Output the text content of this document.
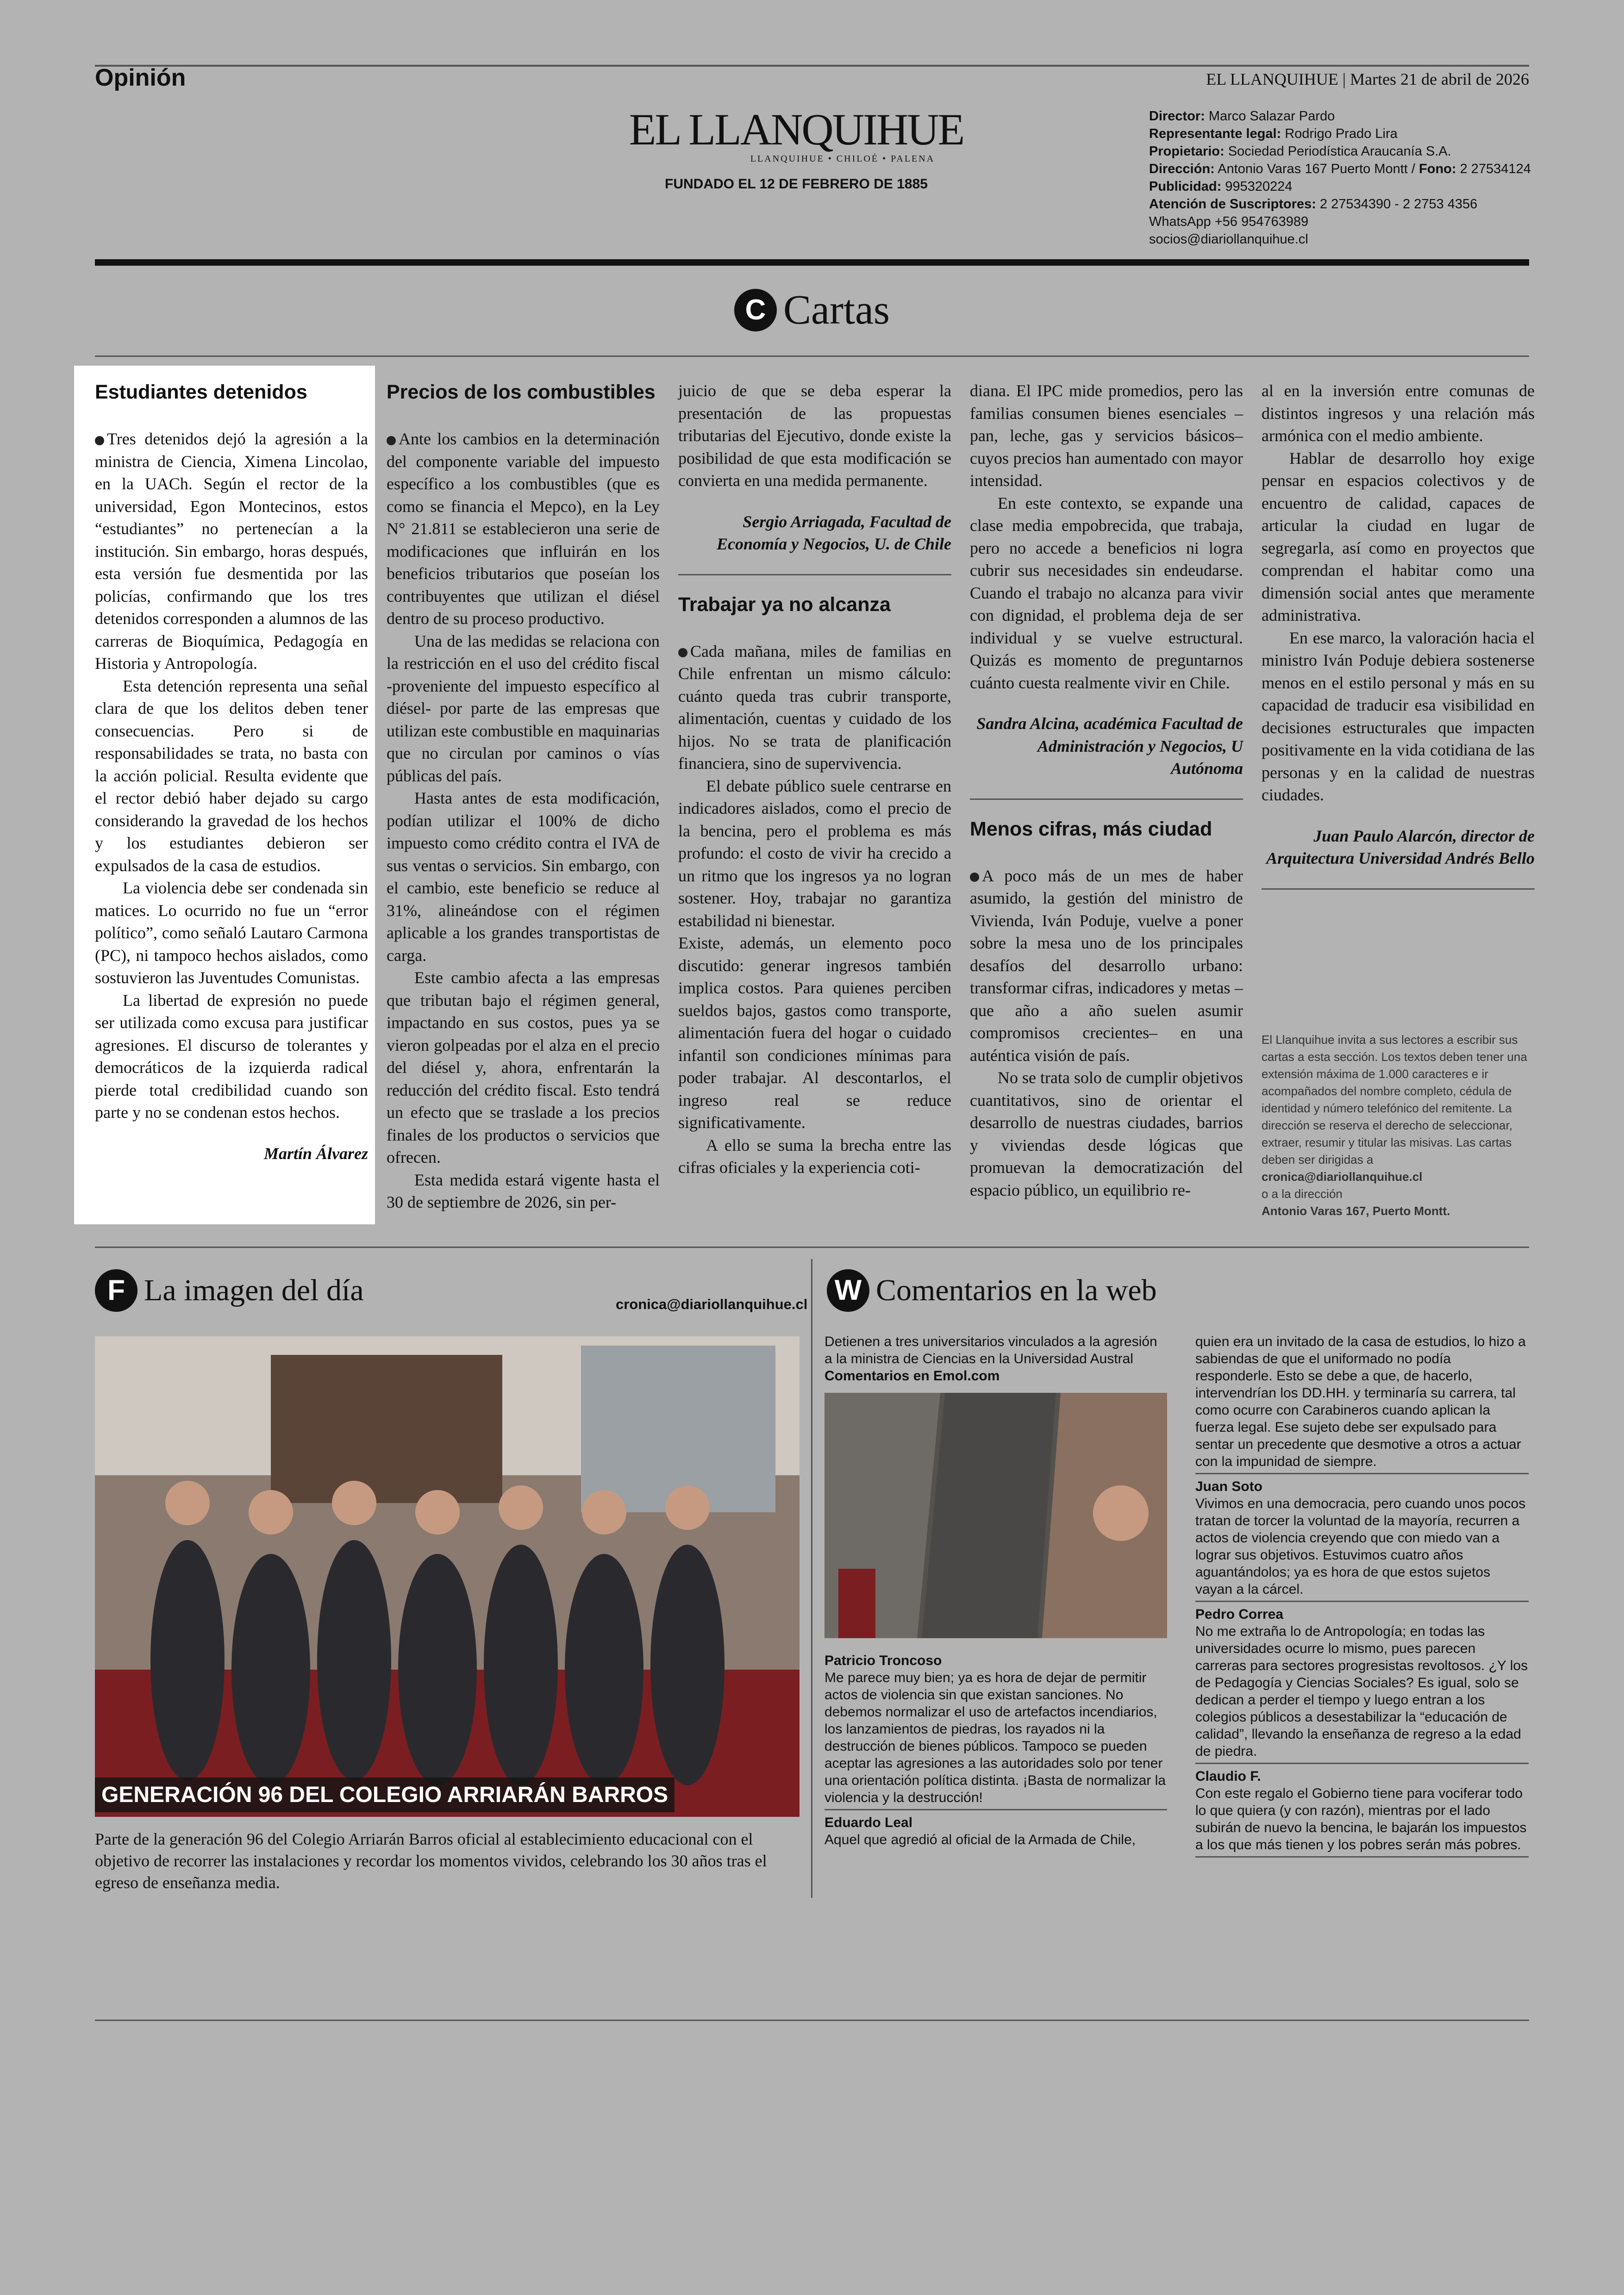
Opinión	EL LLANQUIHUE | Martes 21 de abril de 2026
EL LLANQUIHUE
LLANQUIHUE • CHILOÉ • PALENA
FUNDADO EL 12 DE FEBRERO DE 1885
Director: Marco Salazar Pardo
Representante legal: Rodrigo Prado Lira
Propietario: Sociedad Periodística Araucanía S.A.
Dirección: Antonio Varas 167 Puerto Montt / Fono: 2 27534124
Publicidad: 995320224
Atención de Suscriptores: 2 27534390 - 2 2753 4356
WhatsApp +56 954763989
socios@diariollanquihue.cl
C Cartas
Estudiantes detenidos

Tres detenidos dejó la agresión a la ministra de Ciencia, Ximena Lincolao, en la UACh. Según el rector de la universidad, Egon Montecinos, estos “estudiantes” no pertenecían a la institución. Sin embargo, horas después, esta versión fue desmentida por las policías, confirmando que los tres detenidos corresponden a alumnos de las carreras de Bioquímica, Pedagogía en Historia y Antropología.

Esta detención representa una señal clara de que los delitos deben tener consecuencias. Pero si de responsabilidades se trata, no basta con la acción policial. Resulta evidente que el rector debió haber dejado su cargo considerando la gravedad de los hechos y los estudiantes debieron ser expulsados de la casa de estudios.

La violencia debe ser condenada sin matices. Lo ocurrido no fue un “error político”, como señaló Lautaro Carmona (PC), ni tampoco hechos aislados, como sostuvieron las Juventudes Comunistas.

La libertad de expresión no puede ser utilizada como excusa para justificar agresiones. El discurso de tolerantes y democráticos de la izquierda radical pierde total credibilidad cuando son parte y no se condenan estos hechos.

Martín Álvarez

Precios de los combustibles

Ante los cambios en la determinación del componente variable del impuesto específico a los combustibles (que es como se financia el Mepco), en la Ley N° 21.811 se establecieron una serie de modificaciones que influirán en los beneficios tributarios que poseían los contribuyentes que utilizan el diésel dentro de su proceso productivo.

Una de las medidas se relaciona con la restricción en el uso del crédito fiscal -proveniente del impuesto específico al diésel- por parte de las empresas que utilizan este combustible en maquinarias que no circulan por caminos o vías públicas del país.

Hasta antes de esta modificación, podían utilizar el 100% de dicho impuesto como crédito contra el IVA de sus ventas o servicios. Sin embargo, con el cambio, este beneficio se reduce al 31%, alineándose con el régimen aplicable a los grandes transportistas de carga.

Este cambio afecta a las empresas que tributan bajo el régimen general, impactando en sus costos, pues ya se vieron golpeadas por el alza en el precio del diésel y, ahora, enfrentarán la reducción del crédito fiscal. Esto tendrá un efecto que se traslade a los precios finales de los productos o servicios que ofrecen.

Esta medida estará vigente hasta el 30 de septiembre de 2026, sin per-

juicio de que se deba esperar la presentación de las propuestas tributarias del Ejecutivo, donde existe la posibilidad de que esta modificación se convierta en una medida permanente.

Sergio Arriagada, Facultad de Economía y Negocios, U. de Chile

Trabajar ya no alcanza

Cada mañana, miles de familias en Chile enfrentan un mismo cálculo: cuánto queda tras cubrir transporte, alimentación, cuentas y cuidado de los hijos. No se trata de planificación financiera, sino de supervivencia.

El debate público suele centrarse en indicadores aislados, como el precio de la bencina, pero el problema es más profundo: el costo de vivir ha crecido a un ritmo que los ingresos ya no logran sostener. Hoy, trabajar no garantiza estabilidad ni bienestar.

Existe, además, un elemento poco discutido: generar ingresos también implica costos. Para quienes perciben sueldos bajos, gastos como transporte, alimentación fuera del hogar o cuidado infantil son condiciones mínimas para poder trabajar. Al descontarlos, el ingreso real se reduce significativamente.

A ello se suma la brecha entre las cifras oficiales y la experiencia coti-

diana. El IPC mide promedios, pero las familias consumen bienes esenciales –pan, leche, gas y servicios básicos– cuyos precios han aumentado con mayor intensidad.

En este contexto, se expande una clase media empobrecida, que trabaja, pero no accede a beneficios ni logra cubrir sus necesidades sin endeudarse. Cuando el trabajo no alcanza para vivir con dignidad, el problema deja de ser individual y se vuelve estructural. Quizás es momento de preguntarnos cuánto cuesta realmente vivir en Chile.

Sandra Alcina, académica Facultad de Administración y Negocios, U Autónoma

Menos cifras, más ciudad

A poco más de un mes de haber asumido, la gestión del ministro de Vivienda, Iván Poduje, vuelve a poner sobre la mesa uno de los principales desafíos del desarrollo urbano: transformar cifras, indicadores y metas –que año a año suelen asumir compromisos crecientes– en una auténtica visión de país.

No se trata solo de cumplir objetivos cuantitativos, sino de orientar el desarrollo de nuestras ciudades, barrios y viviendas desde lógicas que promuevan la democratización del espacio público, un equilibrio re-

al en la inversión entre comunas de distintos ingresos y una relación más armónica con el medio ambiente.

Hablar de desarrollo hoy exige pensar en espacios colectivos y de encuentro de calidad, capaces de articular la ciudad en lugar de segregarla, así como en proyectos que comprendan el habitar como una dimensión social antes que meramente administrativa.

En ese marco, la valoración hacia el ministro Iván Poduje debiera sostenerse menos en el estilo personal y más en su capacidad de traducir esa visibilidad en decisiones estructurales que impacten positivamente en la vida cotidiana de las personas y en la calidad de nuestras ciudades.

Juan Paulo Alarcón, director de Arquitectura Universidad Andrés Bello

El Llanquihue invita a sus lectores a escribir sus cartas a esta sección. Los textos deben tener una extensión máxima de 1.000 caracteres e ir acompañados del nombre completo, cédula de identidad y número telefónico del remitente. La dirección se reserva el derecho de seleccionar, extraer, resumir y titular las misivas. Las cartas deben ser dirigidas a
cronica@diariollanquihue.cl
o a la dirección
Antonio Varas 167, Puerto Montt.
F La imagen del día	cronica@diariollanquihue.cl
GENERACIÓN 96 DEL COLEGIO ARRIARÁN BARROS
Parte de la generación 96 del Colegio Arriarán Barros oficial al establecimiento educacional con el objetivo de recorrer las instalaciones y recordar los momentos vividos, celebrando los 30 años tras el egreso de enseñanza media.
W Comentarios en la web
Detienen a tres universitarios vinculados a la agresión a la ministra de Ciencias en la Universidad Austral
Comentarios en Emol.com
Patricio Troncoso
Me parece muy bien; ya es hora de dejar de permitir actos de violencia sin que existan sanciones. No debemos normalizar el uso de artefactos incendiarios, los lanzamientos de piedras, los rayados ni la destrucción de bienes públicos. Tampoco se pueden aceptar las agresiones a las autoridades solo por tener una orientación política distinta. ¡Basta de normalizar la violencia y la destrucción!
Eduardo Leal
Aquel que agredió al oficial de la Armada de Chile,
quien era un invitado de la casa de estudios, lo hizo a sabiendas de que el uniformado no podía responderle. Esto se debe a que, de hacerlo, intervendrían los DD.HH. y terminaría su carrera, tal como ocurre con Carabineros cuando aplican la fuerza legal. Ese sujeto debe ser expulsado para sentar un precedente que desmotive a otros a actuar con la impunidad de siempre.
Juan Soto
Vivimos en una democracia, pero cuando unos pocos tratan de torcer la voluntad de la mayoría, recurren a actos de violencia creyendo que con miedo van a lograr sus objetivos. Estuvimos cuatro años aguantándolos; ya es hora de que estos sujetos vayan a la cárcel.
Pedro Correa
No me extraña lo de Antropología; en todas las universidades ocurre lo mismo, pues parecen carreras para sectores progresistas revoltosos. ¿Y los de Pedagogía y Ciencias Sociales? Es igual, solo se dedican a perder el tiempo y luego entran a los colegios públicos a desestabilizar la “educación de calidad”, llevando la enseñanza de regreso a la edad de piedra.
Claudio F.
Con este regalo el Gobierno tiene para vociferar todo lo que quiera (y con razón), mientras por el lado subirán de nuevo la bencina, le bajarán los impuestos a los que más tienen y los pobres serán más pobres.
